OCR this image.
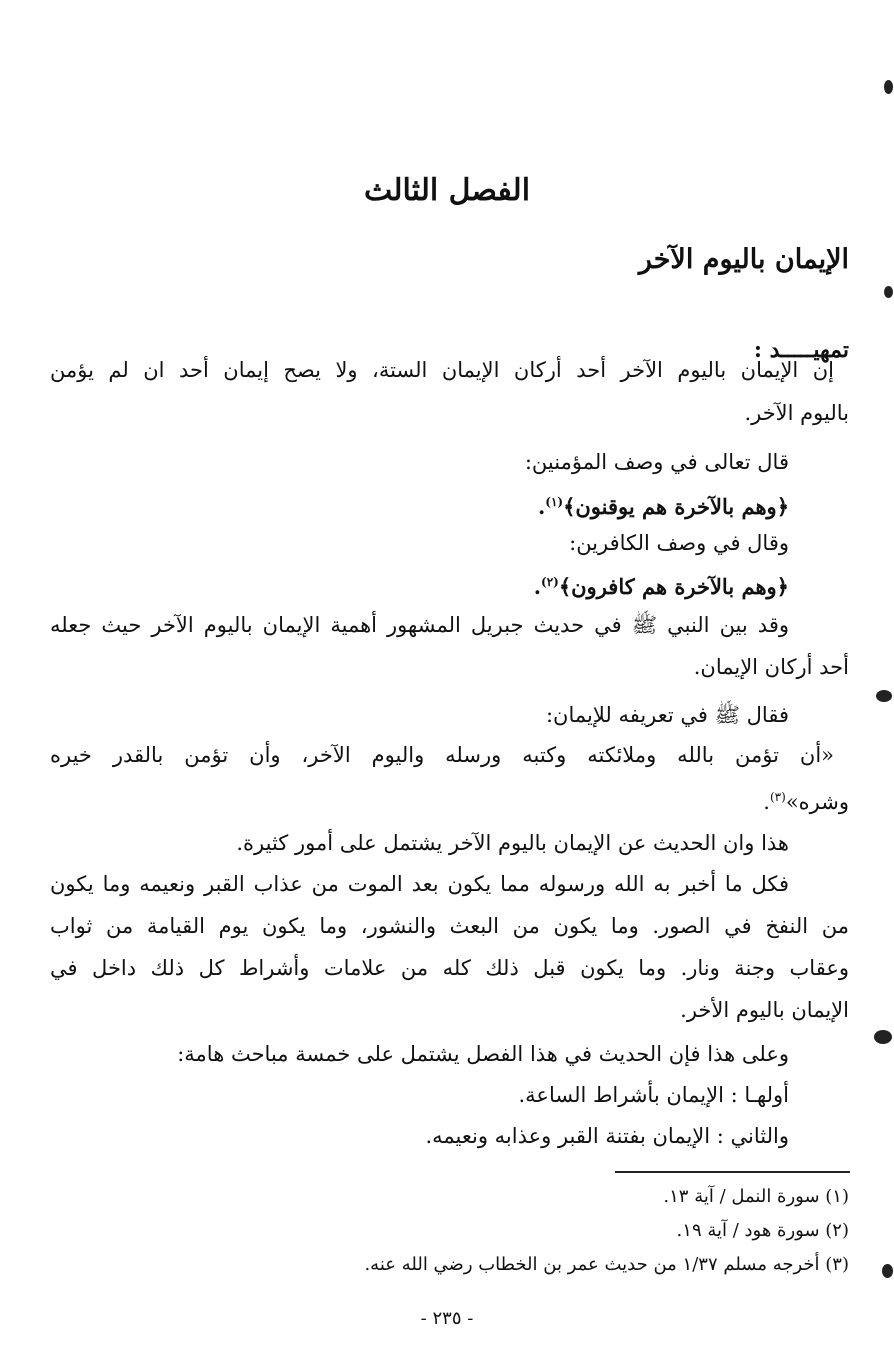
الفصل الثالث
الإيمان باليوم الآخر
تمهيـــــد :
إن الإيمان باليوم الآخر أحد أركان الإيمان الستة، ولا يصح إيمان أحد ان لم يؤمن
باليوم الآخر.
قال تعالى في وصف المؤمنين:
﴿وهم بالآخرة هم يوقنون﴾$^{(١)}$.
وقال في وصف الكافرين:
﴿وهم بالآخرة هم كافرون﴾$^{(٢)}$.
وقد بين النبي ﷺ في حديث جبريل المشهور أهمية الإيمان باليوم الآخر حيث جعله
أحد أركان الإيمان.
فقال ﷺ في تعريفه للإيمان:
«أن تؤمن بالله وملائكته وكتبه ورسله واليوم الآخر، وأن تؤمن بالقدر خيره
وشره»$^{(٣)}$.
هذا وان الحديث عن الإيمان باليوم الآخر يشتمل على أمور كثيرة.
فكل ما أخبر به الله ورسوله مما يكون بعد الموت من عذاب القبر ونعيمه وما يكون
من النفخ في الصور. وما يكون من البعث والنشور، وما يكون يوم القيامة من ثواب
وعقاب وجنة ونار. وما يكون قبل ذلك كله من علامات وأشراط كل ذلك داخل في
الإيمان باليوم الأخر.
وعلى هذا فإن الحديث في هذا الفصل يشتمل على خمسة مباحث هامة:
أولهـا : الإيمان بأشراط الساعة.
والثاني : الإيمان بفتنة القبر وعذابه ونعيمه.
(١) سورة النمل / آية ١٣.
(٢) سورة هود / آية ١٩.
(٣) أخرجه مسلم ١/٣٧ من حديث عمر بن الخطاب رضي الله عنه.
- ٢٣٥ -
